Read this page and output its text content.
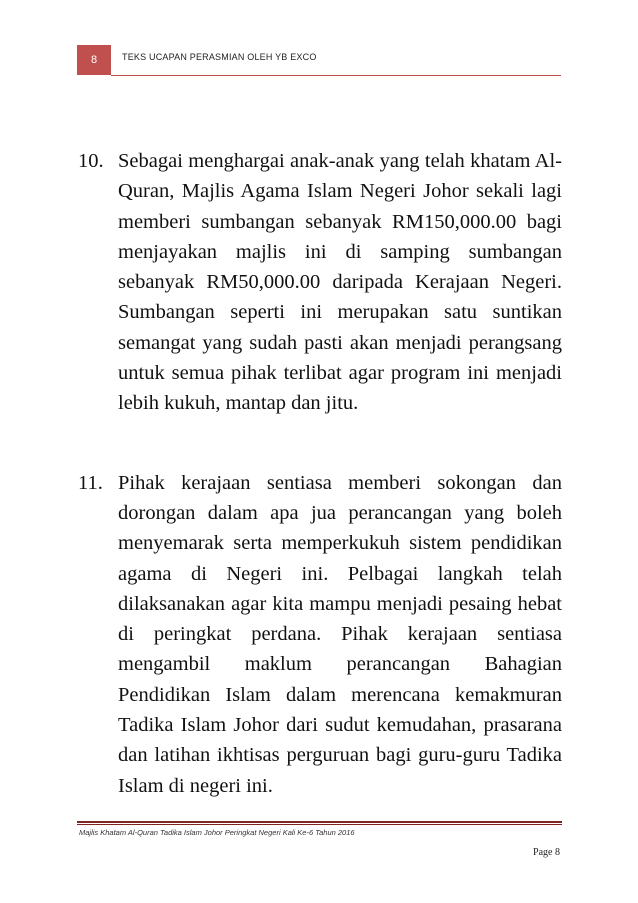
8	TEKS UCAPAN PERASMIAN OLEH YB EXCO
10. Sebagai menghargai anak-anak yang telah khatam Al-Quran, Majlis Agama Islam Negeri Johor sekali lagi memberi sumbangan sebanyak RM150,000.00 bagi menjayakan majlis ini di samping sumbangan sebanyak RM50,000.00 daripada Kerajaan Negeri. Sumbangan seperti ini merupakan satu suntikan semangat yang sudah pasti akan menjadi perangsang untuk semua pihak terlibat agar program ini menjadi lebih kukuh, mantap dan jitu.
11. Pihak kerajaan sentiasa memberi sokongan dan dorongan dalam apa jua perancangan yang boleh menyemarak serta memperkukuh sistem pendidikan agama di Negeri ini. Pelbagai langkah telah dilaksanakan agar kita mampu menjadi pesaing hebat di peringkat perdana. Pihak kerajaan sentiasa mengambil maklum perancangan Bahagian Pendidikan Islam dalam merencana kemakmuran Tadika Islam Johor dari sudut kemudahan, prasarana dan latihan ikhtisas perguruan bagi guru-guru Tadika Islam di negeri ini.
Majlis Khatam Al-Quran Tadika Islam Johor Peringkat Negeri Kali Ke-6 Tahun 2016
Page 8
